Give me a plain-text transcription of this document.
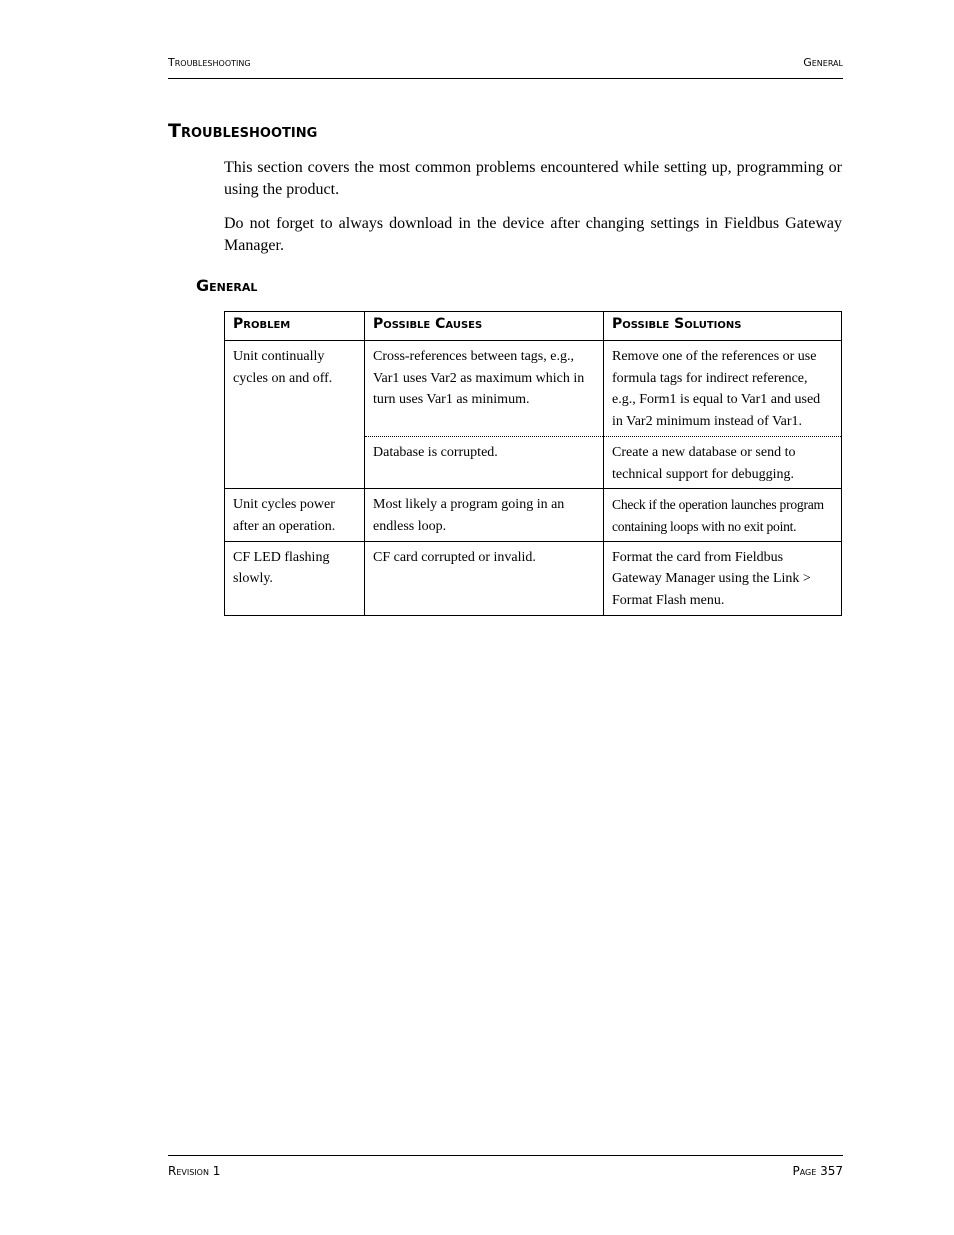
Troubleshooting	General
Troubleshooting

This section covers the most common problems encountered while setting up, programming or using the product.

Do not forget to always download in the device after changing settings in Fieldbus Gateway Manager.

General
Problem	Possible Causes	Possible Solutions
Unit continually cycles on and off.	Cross-references between tags, e.g., Var1 uses Var2 as maximum which in turn uses Var1 as minimum.	Remove one of the references or use formula tags for indirect reference, e.g., Form1 is equal to Var1 and used in Var2 minimum instead of Var1.
	Database is corrupted.	Create a new database or send to technical support for debugging.
Unit cycles power after an operation.	Most likely a program going in an endless loop.	Check if the operation launches program containing loops with no exit point.
CF LED flashing slowly.	CF card corrupted or invalid.	Format the card from Fieldbus Gateway Manager using the Link > Format Flash menu.
Revision 1	Page 357
